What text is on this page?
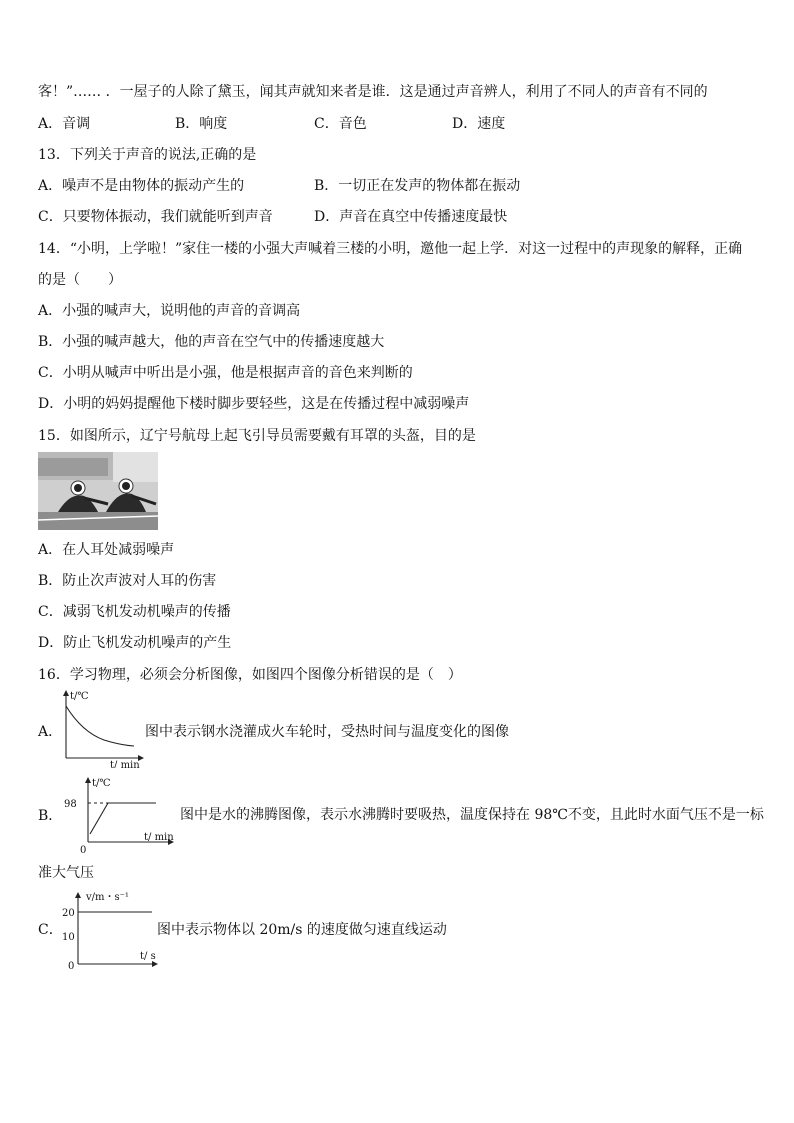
客！”…… ．一屋子的人除了黛玉，闻其声就知来者是谁．这是通过声音辨人，利用了不同人的声音有不同的
A．音调	B．响度	C．音色	D．速度
13．下列关于声音的说法,正确的是
A．噪声不是由物体的振动产生的	B．一切正在发声的物体都在振动
C．只要物体振动，我们就能听到声音	D．声音在真空中传播速度最快
14．“小明，上学啦！”家住一楼的小强大声喊着三楼的小明，邀他一起上学．对这一过程中的声现象的解释，正确
的是（　　）
A．小强的喊声大，说明他的声音的音调高
B．小强的喊声越大，他的声音在空气中的传播速度越大
C．小明从喊声中听出是小强，他是根据声音的音色来判断的
D．小明的妈妈提醒他下楼时脚步要轻些，这是在传播过程中减弱噪声
15．如图所示，辽宁号航母上起飞引导员需要戴有耳罩的头盔，目的是
A．在人耳处减弱噪声
B．防止次声波对人耳的伤害
C．减弱飞机发动机噪声的传播
D．防止飞机发动机噪声的产生
16．学习物理，必须会分析图像，如图四个图像分析错误的是（　）
A．
t/℃
t/ min
图中表示钢水浇灌成火车轮时，受热时间与温度变化的图像
B．
t/℃
98
0
t/ min
图中是水的沸腾图像，表示水沸腾时要吸热，温度保持在 98℃不变，且此时水面气压不是一标
准大气压
C．
v/m・s⁻¹
20
10
0
t/ s
图中表示物体以 20m/s 的速度做匀速直线运动
